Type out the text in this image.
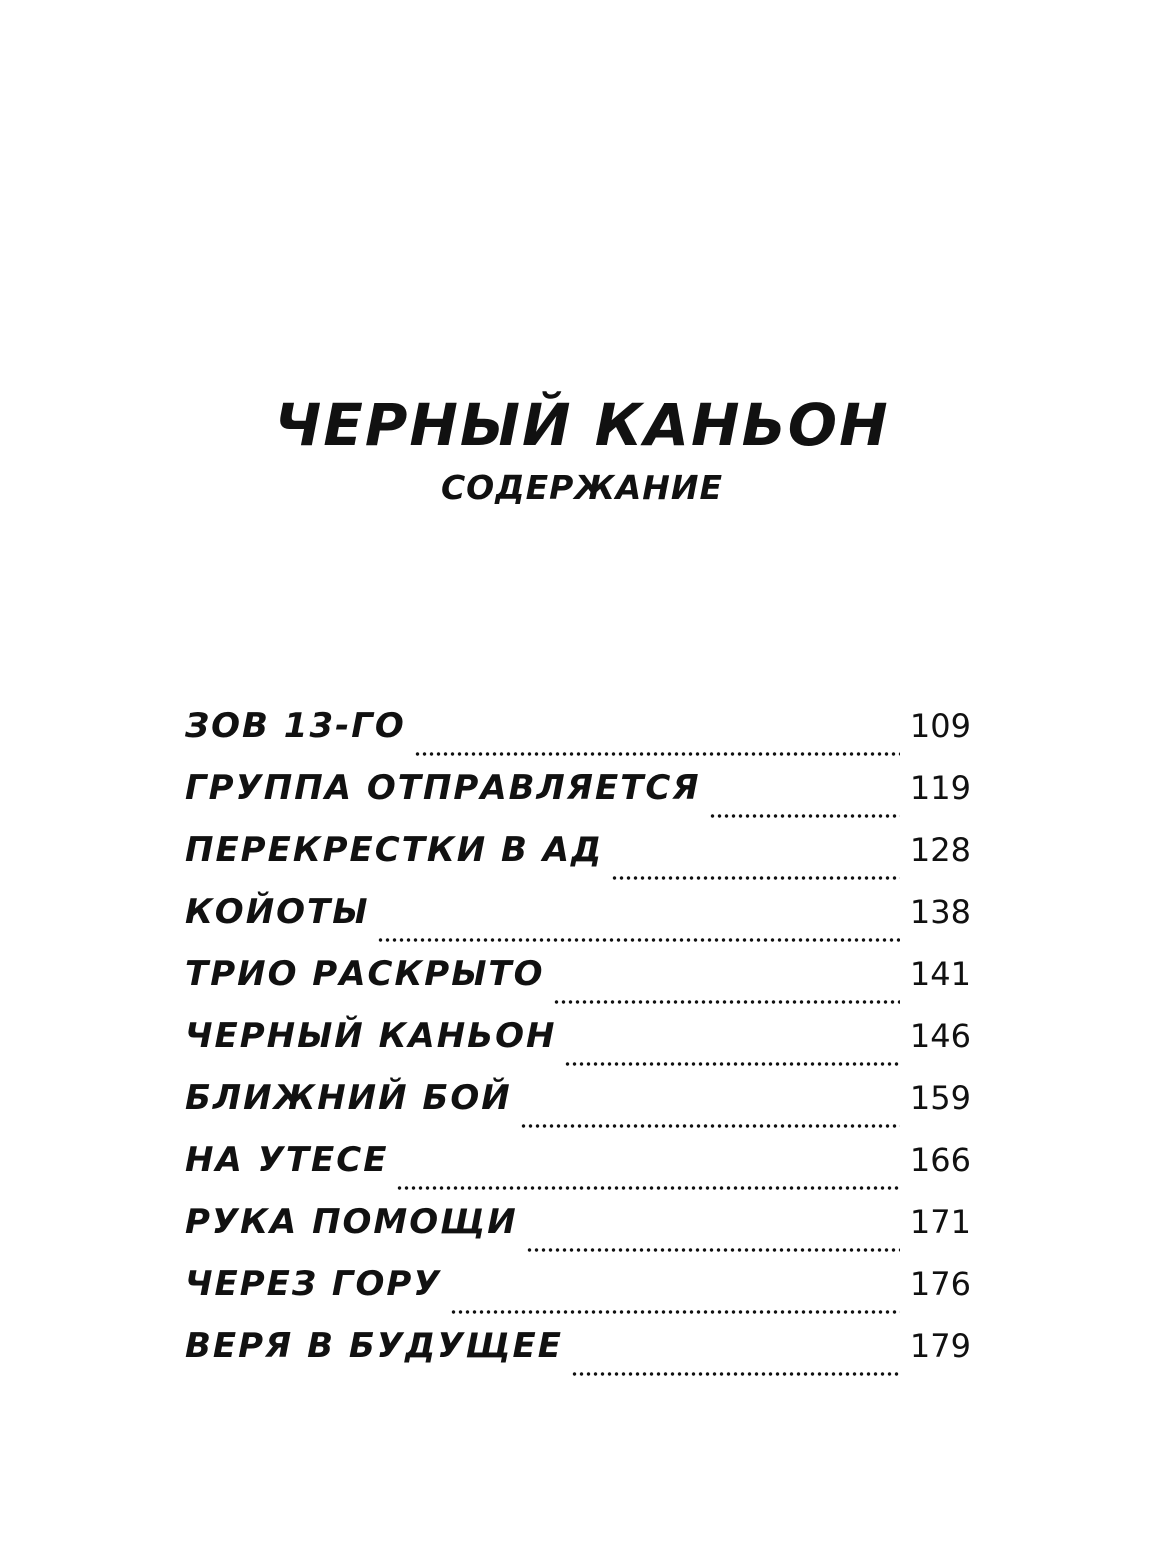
ЧЕРНЫЙ КАНЬОН
СОДЕРЖАНИЕ
ЗОВ 13-ГО	109
ГРУППА ОТПРАВЛЯЕТСЯ	119
ПЕРЕКРЕСТКИ В АД	128
КОЙОТЫ	138
ТРИО РАСКРЫТО	141
ЧЕРНЫЙ КАНЬОН	146
БЛИЖНИЙ БОЙ	159
НА УТЕСЕ	166
РУКА ПОМОЩИ	171
ЧЕРЕЗ ГОРУ	176
ВЕРЯ В БУДУЩЕЕ	179
